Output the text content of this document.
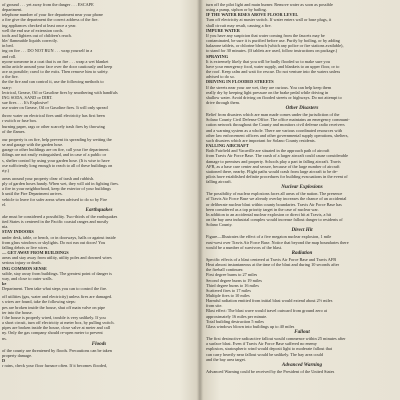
of ground . . . yet away from the danger . . . ESCAPE
department.
telephone number of your fire department near your phone
a fire give the department the correct address of the fire.
ing appliances checked at least once a year.
well the end use of extension cords.
tools and lighters out of children's reach.
ble/ flammable liquids correctly.
in bed.
ing on fire . . . DO NOT RUN . . . wrap yourself in a
and roll.
nyone someone in a coat that is on fire . . . wrap a wet blanket
milar article around your face over the door cautiously and keep
ace as possible; crawl to the exits. Then remove him to safety.
o the fire.
the the fire and can control it, use the following methods to
ssary:
lectrical, Grease, Oil or Gasoline fires by smothering with handfuls
ING SODA, SAND or DIRT.
sue fires . . . It's Explosive!
use water on Grease, Oil or Gasoline fires. It will only spread
throw water on electrical fires until electricity has first been
r switch or fuse box.
burning paper, rags or other scarcely trash fires by throwing
of the flames.
our property is on fire, help prevent its spreading by wetting the
se and garage with the garden hose.
garage or other buildings are on fire, call your fire department.
ildings are not easily extinguished, and in case of a public or
s, shelter control by using your garden hose. (It is wise to have
ose sufficiently long enough to reach to all of these buildings on
rty.)
areas around your property clear of trash and rubbish.
ply of garden hoses handy. When wet, they will aid in fighting fires.
a fire in your neighborhood, keep the exterior of your buildings
h until the Fire Department arrives.
vehicle to leave for safer areas when advised to do so by Fire
el.
Earthquakes
ake must be considered a possibility. Two-thirds of the earthquakes
ited States is centered in the Pacific coastal ranges and mostly
nia.
STAY INDOORS
under desk, table, or bench, or in doorways, halls or against inside
from glass windows or skylights. Do not run out doors! You
falling debris or live wires.
— GET AWAY FROM BUILDINGS
areas and stay away from utility, utility poles and downed wires
serious injury or death.
ING COMMON SENSE
ssible, stay away from buildings. The greatest point of danger is
way, and close to outer walls.
ke
Department. Then take what steps you can to control the fire.
off utilities (gas, water and electricity) unless fires are damaged.
s wires are found, take the following steps:
pes are broken inside the house, shut off main valve on pipe
ter into the house.
f the house is properly wired, trouble is very unlikely. If you
a short circuit, turn off electricity at meter box, by pulling switch.
pipes are broken inside the house, close valve at meter and call
ny. Only the gas company should re-open meter to prevent
ns.
Floods
of the county are threatened by floods. Precautions can be taken
property damage.
D
r rains, check your floor furnace often. If it becomes flooded,
turn off the pilot light and main burner. Remove water as soon as possible
using a pump, siphon or by bailing.
IF THE WATER RISES ABOVE FLOOR LEVEL
Turn off electricity at master switch. If water enters wall or base plugs, it
shall circuit may result, causing a fire.
IMPURE WATER
If you have any suspicion that water coming from the faucets may be
contaminated, be sure it is purified before use. Purify by boiling, or by adding
halazone tablets, or chlorine bleach (which any police or fire stations available),
to stand for 30 minutes. (If tablets are used, follow instructions on package.)
SPRAYING
It is extremely likely that you will be badly flooded so to make sure you
have your emergency food, water supply, and blankets to an upper floor, or to
the roof. Keep calm and wait for rescue. Do not venture into the waters unless
advised to do so.
DRIVING IN FLOODED STREETS
If the streets near your are wet, they are curious. You can help keep them
really dry by keeping light pressure on the brake pedal while driving in
shallow water. Avoid driving on flooded streets or highways. Do not attempt to
drive through them.
Other Disasters
Relief from disasters which are man made comes under the jurisdiction of the
Solano County Civil Defense Office. The office maintains an emergency communi-
cation network throughout the County and monitors civil defense radio receivers
and a warning system as a whole. There are various coordinated resources with
other law enforcement officers and other governmental supply operations, shelters,
such disasters which are important for Solano County residents.
FALLING AIRCRAFT
Both Fairfield and Vacaville are situated in the approach path of aircraft
from Travis Air Force Base. The crash of a larger aircraft could cause considerable
damage to premises and property. Schools play a part in falling aircraft. Travis
AFB, as a base care center and secure, because of the large number of aircraft
stationed there, nearby. Flight paths would crash from large aircraft to be de-
pilots have established definite procedures for building evacuations in the event of
falling aircraft.
Nuclear Explosions
The possibility of nuclear explosions faces all areas of the nation. The presence
of Travis Air Force Base we already overlay increases the chance of an accidental
or deliberate nuclear blast within county boundaries. Travis Air Force Base has
been considered as a top priority target in the case of nuclear war.
In addition to an accidental nuclear explosion or direct hit at Travis, a hit
on the bay area industrial complex would increase fallout danger to residents of
Solano County.
Direct Hit
Figure—Illustrates the effect of a five megaton nuclear explosion, 1 mile
east-west over Travis Air Force Base. Notice that beyond the map boundaries there
would be a number of survivors of the blast.
Radiation
Specific effects of a blast centered at Travis Air Force Base and Travis AFB
Heat almost instantaneous at the time of the blast and during 10 seconds after
the fireball continues:
First degree burns to 27 miles
Second degree burns to 19 miles
Third degree burns to 16 miles
Scattered fires to 17 miles
Multiple fires to 10 miles
Harmful radiation emitted from initial blast would extend about 2½ miles
from site.
Blast effect: The blast wave would travel outward from ground zero at
approximately 16 miles per minute.
Total building destruction 5 miles
Glass windows blown into buildings up to 40 miles
Fallout
The first destructive radioactive fallout would commence within 25 minutes after
a surface blast. Even if Travis Air Force Base suffered no enemy
explosion, stratospheric wind would deposit light to moderate fallout that
can carry heavily near fallout would be unlikely. The bay area could
and the bay area target.
Advanced Warning
Advanced Warning could be received by the President of the United States
